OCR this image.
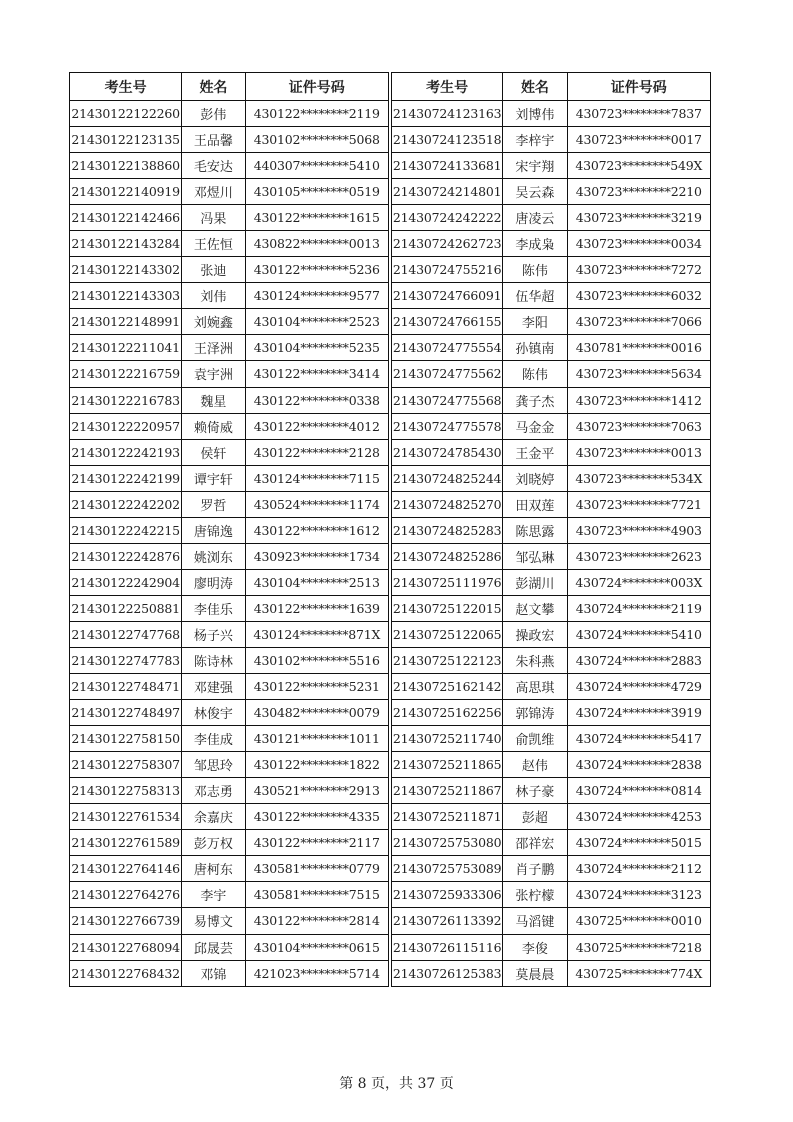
考生号	姓名	证件号码
21430122122260	彭伟	430122********2119
21430122123135	王品馨	430102********5068
21430122138860	毛安达	440307********5410
21430122140919	邓煜川	430105********0519
21430122142466	冯果	430122********1615
21430122143284	王佐恒	430822********0013
21430122143302	张迪	430122********5236
21430122143303	刘伟	430124********9577
21430122148991	刘婉鑫	430104********2523
21430122211041	王泽洲	430104********5235
21430122216759	袁宇洲	430122********3414
21430122216783	魏星	430122********0338
21430122220957	赖倚威	430122********4012
21430122242193	侯轩	430122********2128
21430122242199	谭宇轩	430124********7115
21430122242202	罗哲	430524********1174
21430122242215	唐锦逸	430122********1612
21430122242876	姚浏东	430923********1734
21430122242904	廖明涛	430104********2513
21430122250881	李佳乐	430122********1639
21430122747768	杨子兴	430124********871X
21430122747783	陈诗林	430102********5516
21430122748471	邓建强	430122********5231
21430122748497	林俊宇	430482********0079
21430122758150	李佳成	430121********1011
21430122758307	邹思玲	430122********1822
21430122758313	邓志勇	430521********2913
21430122761534	余嘉庆	430122********4335
21430122761589	彭万权	430122********2117
21430122764146	唐柯东	430581********0779
21430122764276	李宇	430581********7515
21430122766739	易博文	430122********2814
21430122768094	邱晟芸	430104********0615
21430122768432	邓锦	421023********5714
考生号	姓名	证件号码
21430724123163	刘博伟	430723********7837
21430724123518	李梓宇	430723********0017
21430724133681	宋宇翔	430723********549X
21430724214801	吴云森	430723********2210
21430724242222	唐凌云	430723********3219
21430724262723	李成枭	430723********0034
21430724755216	陈伟	430723********7272
21430724766091	伍华超	430723********6032
21430724766155	李阳	430723********7066
21430724775554	孙镇南	430781********0016
21430724775562	陈伟	430723********5634
21430724775568	龚子杰	430723********1412
21430724775578	马金金	430723********7063
21430724785430	王金平	430723********0013
21430724825244	刘晓婷	430723********534X
21430724825270	田双莲	430723********7721
21430724825283	陈思露	430723********4903
21430724825286	邹弘琳	430723********2623
21430725111976	彭湖川	430724********003X
21430725122015	赵文攀	430724********2119
21430725122065	操政宏	430724********5410
21430725122123	朱科燕	430724********2883
21430725162142	高思琪	430724********4729
21430725162256	郭锦涛	430724********3919
21430725211740	俞凯维	430724********5417
21430725211865	赵伟	430724********2838
21430725211867	林子豪	430724********0814
21430725211871	彭超	430724********4253
21430725753080	邵祥宏	430724********5015
21430725753089	肖子鹏	430724********2112
21430725933306	张柠檬	430724********3123
21430726113392	马滔键	430725********0010
21430726115116	李俊	430725********7218
21430726125383	莫晨晨	430725********774X
第 8 页，共 37 页
